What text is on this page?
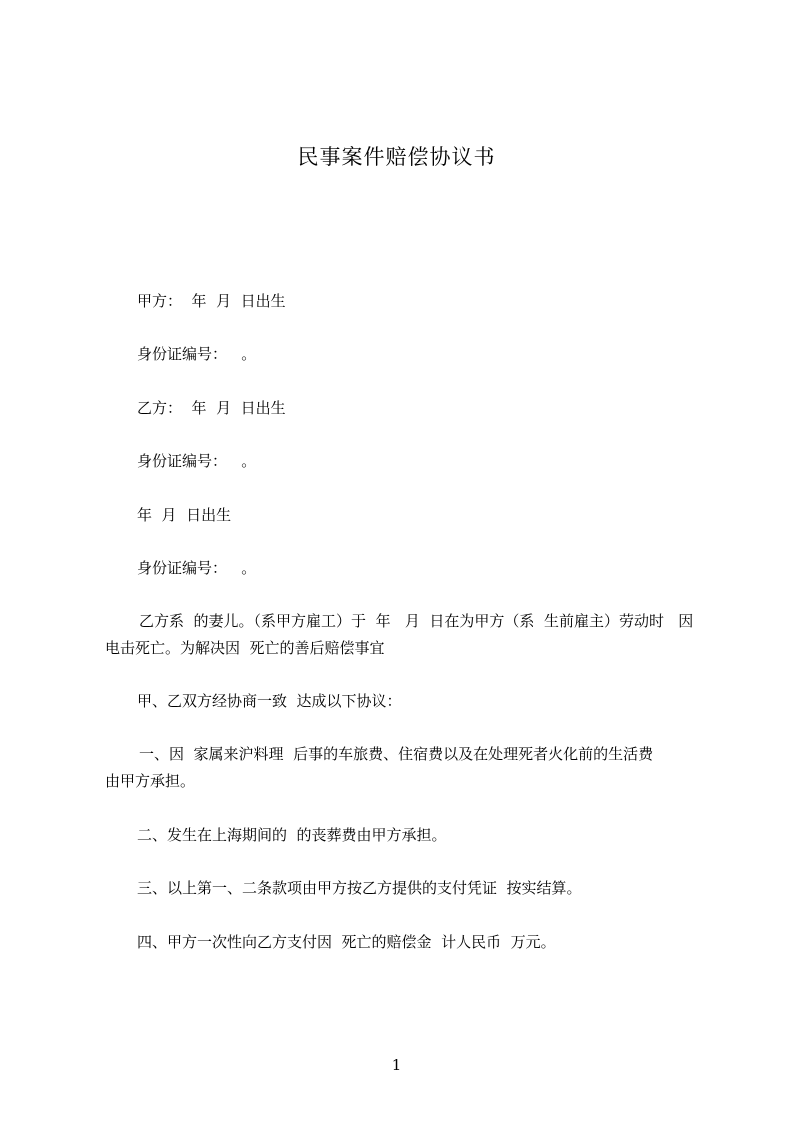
民事案件赔偿协议书
甲方：  年  月  日出生
身份证编号：   。
乙方：  年  月  日出生
身份证编号：   。
年  月  日出生
身份证编号：   。
乙方系  的妻儿。（系甲方雇工）于  年   月  日在为甲方（系  生前雇主）劳动时   因
电击死亡。为解决因  死亡的善后赔偿事宜
甲、乙双方经协商一致  达成以下协议：
一、因  家属来沪料理  后事的车旅费、住宿费以及在处理死者火化前的生活费
由甲方承担。
二、发生在上海期间的  的丧葬费由甲方承担。
三、以上第一、二条款项由甲方按乙方提供的支付凭证  按实结算。
四、甲方一次性向乙方支付因  死亡的赔偿金  计人民币  万元。
1
